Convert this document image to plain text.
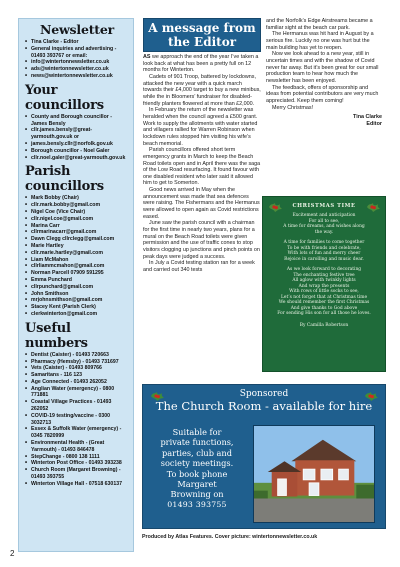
Newsletter
• Tina Clarke - Editor
• General inquiries and advertising - 01493 393767 or email:
• info@wintertonnewsletter.co.uk
• ads@wintertonnewsletter.co.uk
• news@wintertonnewsletter.co.uk
Your councillors
• County and Borough councillor - James Bensly
• cllr.james.bensly@great-yarmouth.gov.uk or
• james.bensly.cllr@norfolk.gov.uk
• Borough councillor - Noel Galer
• cllr.noel.galer@great-yarmouth.gov.uk
Parish councillors
• Mark Bobby (Chair)
• cllr.mark.bobby@gmail.com
• Nigel Coe (Vice Chair)
• cllr.nigel.coe@gmail.com
• Marina Carr
• cllrmarinacarr@gmail.com
• Dawn Clegg cllrclegg@gmail.com
• Marie Hartley
• cllr.marie.hartley@gmail.com
• Liam McMahon
• cllrliammcmahon@gmail.com
• Norman Parcell 07909 591295
• Emma Punchard
• cllrpunchard@gmail.com
• John Smithson
• mrjohnsmithson@gmail.com
• Stacey Kent (Parish Clerk)
• clerkwinterton@gmail.com
Useful numbers
• Dentist (Caister) - 01493 720663
• Pharmacy (Hemsby) - 01493 731697
• Vets (Caister) - 01493 809766
• Samaritans - 116 123
• Age Connected - 01493 262052
• Anglian Water (emergency) - 0800 771881
• Coastal Village Practices - 01493 262052
• COVID-19 testing/vaccine - 0300 3032713
• Essex & Suffolk Water (emergency) - 0345 7820999
• Environmental Health - (Great Yarmouth) - 01493 846478
• StepChange - 0800 138 1111
• Winterton Post Office - 01493 393238
• Church Room (Margaret Browning) - 01493 393755
• Winterton Village Hall - 07518 630137
A message from
the Editor

AS we approach the end of the year I’ve taken a look back at what has been a pretty full on 12 months for Winterton.

Cadets of 901 Troop, battered by lockdowns, attacked the new year with a quick march towards their £4,000 target to buy a new minibus, while the in Bloomers’ fundraiser for disabled-friendly planters flowered at more than £2,000.

In February the return of the newsletter was heralded when the council agreed a £500 grant. Work to supply the allotments with water started and villagers rallied for Warren Robinson when lockdown rules stopped him visiting his wife’s beach memorial.

Parish councillors offered short term emergency grants in March to keep the Beach Road toilets open and in April there was the saga of the Low Road resurfacing. It found favour with one disabled resident who later said it allowed him to get to Somerton.

Good news arrived in May when the announcement was made that sea defences were raising. The Fishermans and the Hermanus were allowed to open again as Covid restrictions eased.

June saw the parish council with a chairman for the first time in nearly two years, plans for a mural on the Beach Road toilets were given permission and the use of traffic cones to stop visitors clogging up junctions and pinch points on peak days were judged a success.

In July a Covid testing station ran for a week and carried out 340 tests

and the Norfolk’s Edge Airstreams became a familiar sight at the beach car park.

The Hermanus was hit hard in August by a serious fire. Luckily no one was hurt but the main building has yet to reopen.

Now we look ahead to a new year, still in uncertain times and with the shadow of Covid never far away. But it’s been great for our small production team to hear how much the newsletter has been enjoyed.

The feedback, offers of sponsorship and ideas from potential contributors are very much appreciated. Keep them coming!

Merry Christmas!

Tina Clarke
Editor
CHRISTMAS TIME
Excitement and anticipation
For all to see,
A time for dreams, and wishes along
the way.
A time for families to come together
To be with friends and celebrate,
With lots of fun and merry cheer
Rejoice in carolling and music dear.
As we look forward to decorating
The enchanting festive tree
All aglow with twinkly lights
And wrap the presents
With rows of little socks to see,
Let’s not forget that at Christmas time
We should remember the first Christmas
And give thanks to God above
For sending His son for all those he loves.
By Camilla Robertson
Sponsored
The Church Room - available for hire
Suitable for
private functions,
parties, club and
society meetings.
To book phone
Margaret
Browning on
01493 393755
Produced by Atlas Features. Cover picture: wintertonnewsletter.co.uk
2
